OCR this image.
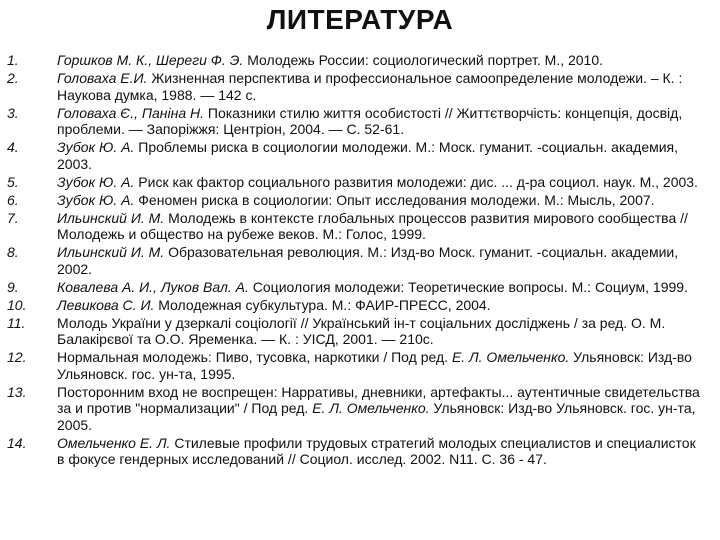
ЛИТЕРАТУРА
1.	Горшков М. К., Шереги Ф. Э. Молодежь России: социологический портрет. М., 2010.
2.	Головаха Е.И. Жизненная перспектива и профессиональное самоопределение молодежи. – К. : Наукова думка, 1988. — 142 с.
3.	Головаха Є., Паніна Н. Показники стилю життя особистості // Життєтворчість: концепція, досвід, проблеми. — Запоріжжя: Центріон, 2004. — С. 52-61.
4.	Зубок Ю. А. Проблемы риска в социологии молодежи. М.: Моск. гуманит. -социальн. академия, 2003.
5.	Зубок Ю. А. Риск как фактор социального развития молодежи: дис. ... д-ра социол. наук. М., 2003.
6.	Зубок Ю. А. Феномен риска в социологии: Опыт исследования молодежи. М.: Мысль, 2007.
7.	Ильинский И. М. Молодежь в контексте глобальных процессов развития мирового сообщества // Молодежь и общество на рубеже веков. М.: Голос, 1999.
8.	Ильинский И. М. Образовательная революция. М.: Изд-во Моск. гуманит. -социальн. академии, 2002.
9.	Ковалева А. И., Луков Вал. А. Социология молодежи: Теоретические вопросы. М.: Социум, 1999.
10. Левикова С. И. Молодежная субкультура. М.: ФАИР-ПРЕСС, 2004.
11. Молодь України у дзеркалі соціології // Український ін-т соціальних досліджень / за ред. О. М. Балакірєвої та О.О. Яременка. — К. : УІСД, 2001. — 210с.
12. Нормальная молодежь: Пиво, тусовка, наркотики / Под ред. Е. Л. Омельченко. Ульяновск: Изд-во Ульяновск. гос. ун-та, 1995.
13. Посторонним вход не воспрещен: Нарративы, дневники, артефакты... аутентичные свидетельства за и против "нормализации" / Под ред. Е. Л. Омельченко. Ульяновск: Изд-во Ульяновск. гос. ун-та, 2005.
14. Омельченко Е. Л. Стилевые профили трудовых стратегий молодых специалистов и специалисток в фокусе гендерных исследований // Социол. исслед. 2002. N11. С. 36 - 47.
